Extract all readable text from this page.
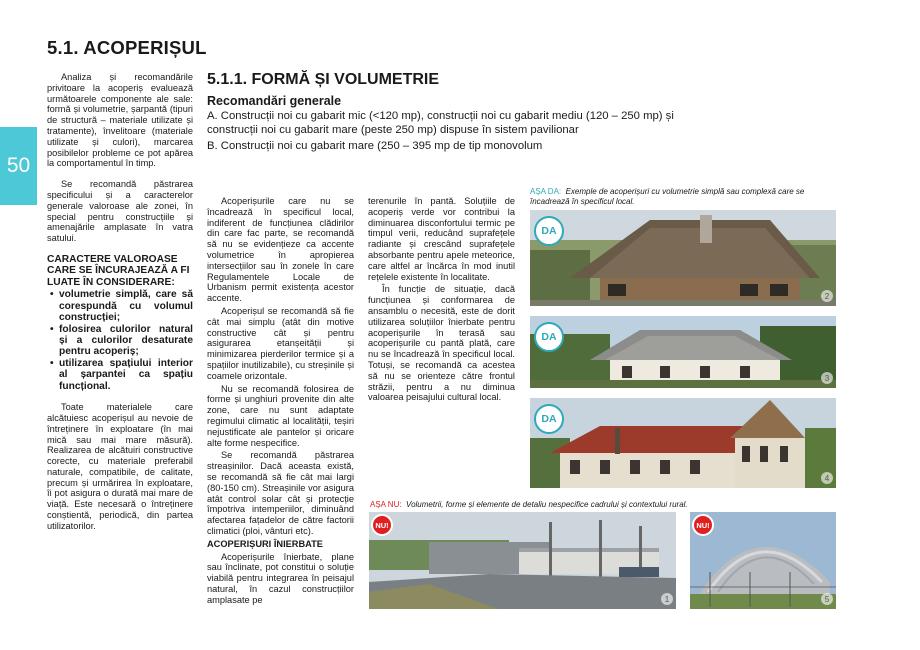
50
5.1. ACOPERIȘUL
5.1.1. FORMĂ ȘI VOLUMETRIE
Recomandări generale
A. Construcții noi cu gabarit mic (<120 mp), construcții noi cu gabarit mediu (120 – 250 mp) și construcții noi cu gabarit mare (peste 250 mp) dispuse în sistem pavilionar
B. Construcții noi cu gabarit mare (250 – 395 mp de tip monovolum

Analiza și recomandările privitoare la acoperiș evaluează următoarele componente ale sale: formă și volumetrie, șarpantă (tipuri de structură – materiale utilizate și tratamente), învelitoare (materiale utilizate și culori), marcarea posibilelor probleme ce pot apărea la comportamentul în timp.

Se recomandă păstrarea specificului și a caracterelor generale valoroase ale zonei, în special pentru construcțiile și amenajările amplasate în vatra satului.

CARACTERE VALOROASE CARE SE ÎNCURAJEAZĂ A FI LUATE ÎN CONSIDERARE:

• volumetrie simplă, care să corespundă cu volumul construcției;
• folosirea culorilor natural și a culorilor desaturate pentru acoperiș;
• utilizarea spațiului interior al șarpantei ca spațiu funcțional.

Toate materialele care alcătuiesc acoperișul au nevoie de întreținere în exploatare (în mai mică sau mai mare măsură). Realizarea de alcătuiri constructive corecte, cu materiale preferabil naturale, compatibile, de calitate, precum și urmărirea în exploatare, îi pot asigura o durată mai mare de viață. Este necesară o întreținere conștientă, periodică, din partea utilizatorilor.

Acoperișurile care nu se încadrează în specificul local, indiferent de funcțiunea clădirilor din care fac parte, se recomandă să nu se evidențieze ca accente volumetrice în apropierea intersecțiilor sau în zonele în care Regulamentele Locale de Urbanism permit existența acestor accente.

Acoperișul se recomandă să fie cât mai simplu (atât din motive constructive cât și pentru asigurarea etanșeității și minimizarea pierderilor termice și a spațiilor inutilizabile), cu streșinile și coamele orizontale.

Nu se recomandă folosirea de forme și unghiuri provenite din alte zone, care nu sunt adaptate regimului climatic al localității, teșiri nejustificate ale pantelor și oricare alte forme nespecifice.

Se recomandă păstrarea streașinilor. Dacă aceasta există, se recomandă să fie cât mai largi (80-150 cm). Streașinile vor asigura atât control solar cât și protecție împotriva intemperiilor, diminuând afectarea fațadelor de către factorii climatici (ploi, vânturi etc).

ACOPERIȘURI ÎNIERBATE

Acoperișurile înierbate, plane sau înclinate, pot constitui o soluție viabilă pentru integrarea în peisajul natural, în cazul construcțiilor amplasate pe

terenurile în pantă. Soluțiile de acoperiș verde vor contribui la diminuarea disconfortului termic pe timpul verii, reducând suprafețele radiante și crescând suprafețele absorbante pentru apele meteorice, care altfel ar încărca în mod inutil rețelele existente în localitate.

În funcție de situație, dacă funcțiunea și conformarea de ansamblu o necesită, este de dorit utilizarea soluțiilor înierbate pentru acoperișurile în terasă sau acoperișurile cu pantă plată, care nu se încadrează în specificul local. Totuși, se recomandă ca acestea să nu se orienteze către frontul străzii, pentru a nu diminua valoarea peisajului cultural local.

AȘA DA: Exemple de acoperișuri cu volumetrie simplă sau complexă care se încadrează în specificul local.
DA
2
DA
3
DA
4
AȘA NU: Volumetrii, forme și elemente de detaliu nespecifice cadrului și contextului rural.
NU!
1
NU!
5
